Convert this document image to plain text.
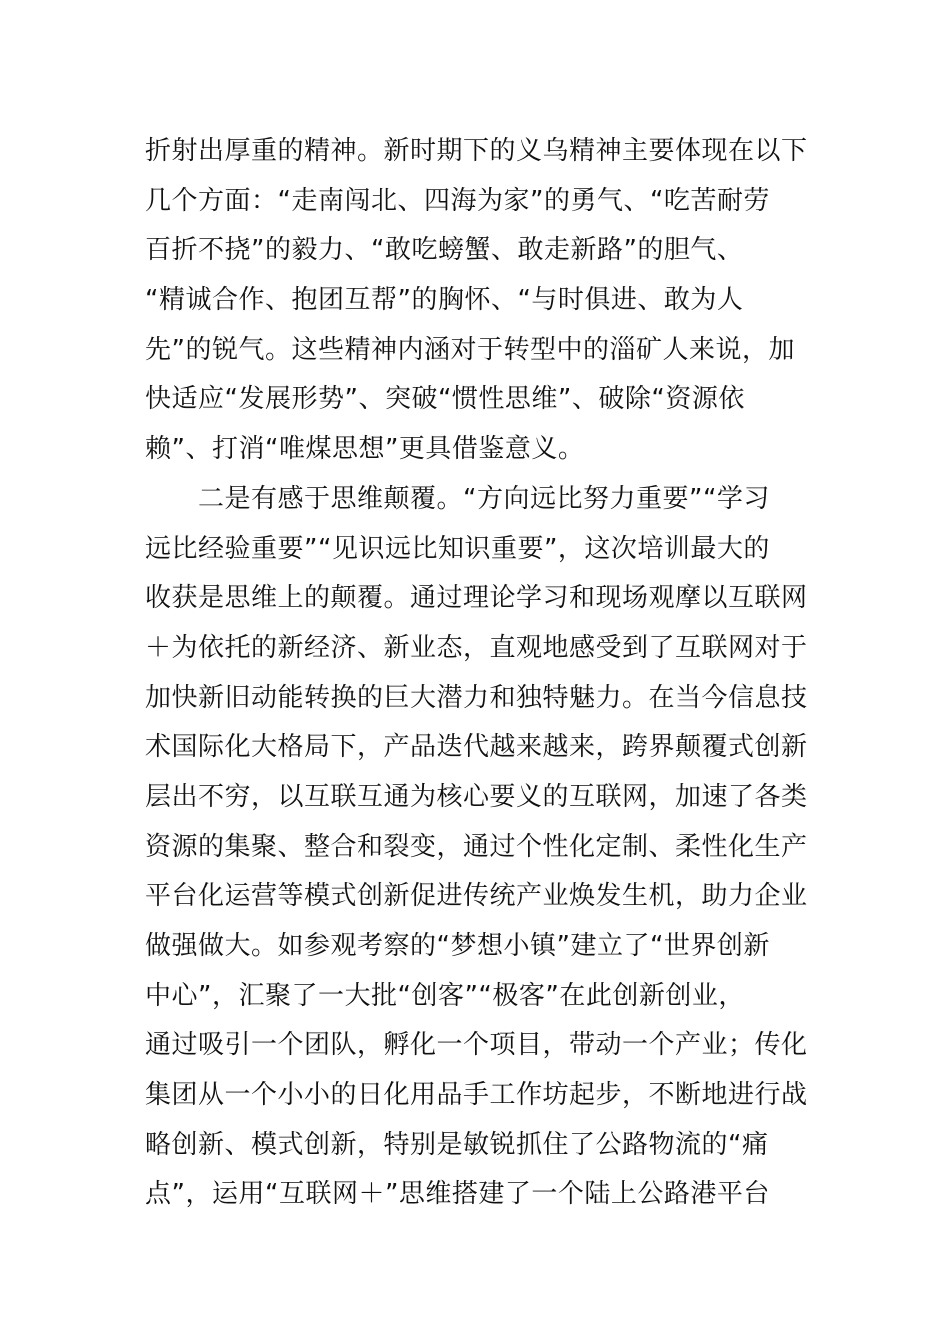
折射出厚重的精神。新时期下的义乌精神主要体现在以下
几个方面：“走南闯北、四海为家”的勇气、“吃苦耐劳
百折不挠”的毅力、“敢吃螃蟹、敢走新路”的胆气、
“精诚合作、抱团互帮”的胸怀、“与时俱进、敢为人
先”的锐气。这些精神内涵对于转型中的淄矿人来说，加
快适应“发展形势”、突破“惯性思维”、破除“资源依
赖”、打消“唯煤思想”更具借鉴意义。
　　二是有感于思维颠覆。“方向远比努力重要”“学习
远比经验重要”“见识远比知识重要”，这次培训最大的
收获是思维上的颠覆。通过理论学习和现场观摩以互联网
＋为依托的新经济、新业态，直观地感受到了互联网对于
加快新旧动能转换的巨大潜力和独特魅力。在当今信息技
术国际化大格局下，产品迭代越来越来，跨界颠覆式创新
层出不穷，以互联互通为核心要义的互联网，加速了各类
资源的集聚、整合和裂变，通过个性化定制、柔性化生产
平台化运营等模式创新促进传统产业焕发生机，助力企业
做强做大。如参观考察的“梦想小镇”建立了“世界创新
中心”，汇聚了一大批“创客”“极客”在此创新创业，
通过吸引一个团队，孵化一个项目，带动一个产业；传化
集团从一个小小的日化用品手工作坊起步，不断地进行战
略创新、模式创新，特别是敏锐抓住了公路物流的“痛
点”，运用“互联网＋”思维搭建了一个陆上公路港平台
